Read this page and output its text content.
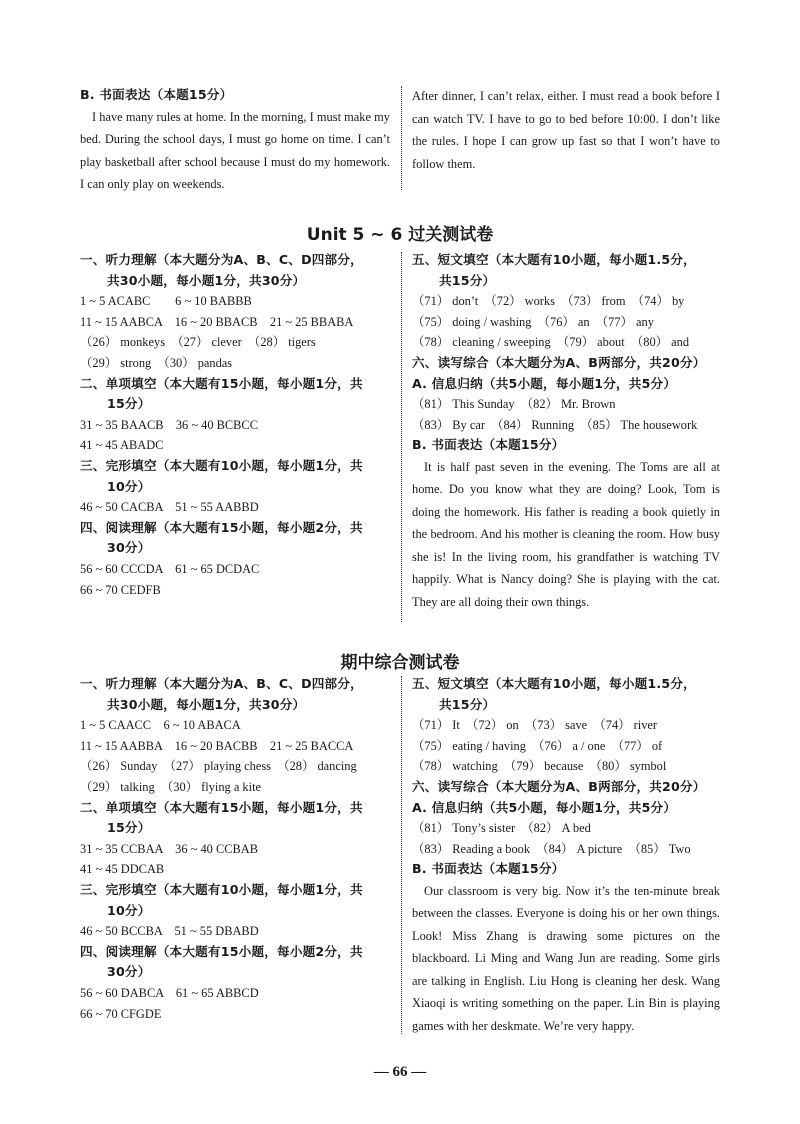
B. 书面表达（本题15分）

I have many rules at home. In the morning, I must make my bed. During the school days, I must go home on time. I can’t play basketball after school because I must do my homework. I can only play on weekends.

After dinner, I can’t relax, either. I must read a book before I can watch TV. I have to go to bed before 10:00. I don’t like the rules. I hope I can grow up fast so that I won’t have to follow them.

Unit 5 ~ 6 过关测试卷
一、听力理解（本大题分为A、B、C、D四部分，
共30小题，每小题1分，共30分）
1 ~ 5 ACABC　　6 ~ 10 BABBB
11 ~ 15 AABCA　16 ~ 20 BBACB　21 ~ 25 BBABA
（26） monkeys　（27） clever　（28） tigers
（29） strong　（30） pandas
二、单项填空（本大题有15小题，每小题1分，共
15分）
31 ~ 35 BAACB　36 ~ 40 BCBCC
41 ~ 45 ABADC
三、完形填空（本大题有10小题，每小题1分，共
10分）
46 ~ 50 CACBA　51 ~ 55 AABBD
四、阅读理解（本大题有15小题，每小题2分，共
30分）
56 ~ 60 CCCDA　61 ~ 65 DCDAC
66 ~ 70 CEDFB
五、短文填空（本大题有10小题，每小题1.5分，
共15分）
（71） don’t　（72） works　（73） from　（74） by
（75） doing / washing　（76） an　（77） any
（78） cleaning / sweeping　（79） about　（80） and
六、读写综合（本大题分为A、B两部分，共20分）
A. 信息归纳（共5小题，每小题1分，共5分）
（81） This Sunday　（82） Mr. Brown
（83） By car　（84） Running　（85） The housework
B. 书面表达（本题15分）

It is half past seven in the evening. The Toms are all at home. Do you know what they are doing? Look, Tom is doing the homework. His father is reading a book quietly in the bedroom. And his mother is cleaning the room. How busy she is! In the living room, his grandfather is watching TV happily. What is Nancy doing? She is playing with the cat. They are all doing their own things.

期中综合测试卷
一、听力理解（本大题分为A、B、C、D四部分，
共30小题，每小题1分，共30分）
1 ~ 5 CAACC　6 ~ 10 ABACA
11 ~ 15 AABBA　16 ~ 20 BACBB　21 ~ 25 BACCA
（26） Sunday　（27） playing chess　（28） dancing
（29） talking　（30） flying a kite
二、单项填空（本大题有15小题，每小题1分，共
15分）
31 ~ 35 CCBAA　36 ~ 40 CCBAB
41 ~ 45 DDCAB
三、完形填空（本大题有10小题，每小题1分，共
10分）
46 ~ 50 BCCBA　51 ~ 55 DBABD
四、阅读理解（本大题有15小题，每小题2分，共
30分）
56 ~ 60 DABCA　61 ~ 65 ABBCD
66 ~ 70 CFGDE
五、短文填空（本大题有10小题，每小题1.5分，
共15分）
（71） It　（72） on　（73） save　（74） river
（75） eating / having　（76） a / one　（77） of
（78） watching　（79） because　（80） symbol
六、读写综合（本大题分为A、B两部分，共20分）
A. 信息归纳（共5小题，每小题1分，共5分）
（81） Tony’s sister　（82） A bed
（83） Reading a book　（84） A picture　（85） Two
B. 书面表达（本题15分）

Our classroom is very big. Now it’s the ten-minute break between the classes. Everyone is doing his or her own things. Look! Miss Zhang is drawing some pictures on the blackboard. Li Ming and Wang Jun are reading. Some girls are talking in English. Liu Hong is cleaning her desk. Wang Xiaoqi is writing something on the paper. Lin Bin is playing games with her deskmate. We’re very happy.

— 66 —
